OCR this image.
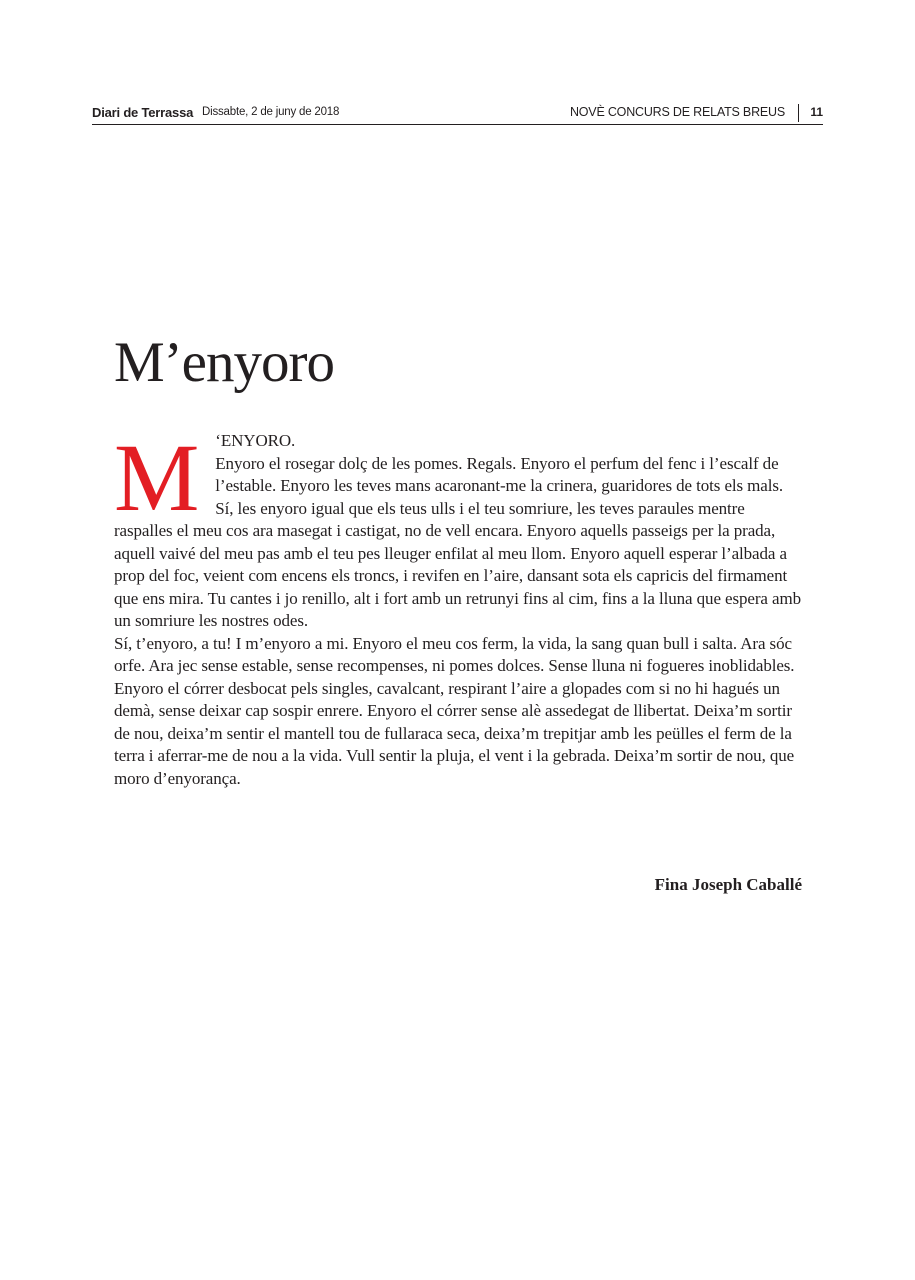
Diari de Terrassa Dissabte, 2 de juny de 2018	NOVÈ CONCURS DE RELATS BREUS 11
M’enyoro
M ‘ENYORO.

Enyoro el rosegar dolç de les pomes. Regals. Enyoro el perfum del fenc i l’escalf de l’estable. Enyoro les teves mans acaronant-me la crinera, guaridores de tots els mals. Sí, les enyoro igual que els teus ulls i el teu somriure, les teves paraules mentre raspalles el meu cos ara masegat i castigat, no de vell encara. Enyoro aquells passeigs per la prada, aquell vaivé del meu pas amb el teu pes lleuger enfilat al meu llom. Enyoro aquell esperar l’albada a prop del foc, veient com encens els troncs, i revifen en l’aire, dansant sota els capricis del firmament que ens mira. Tu cantes i jo renillo, alt i fort amb un retrunyi fins al cim, fins a la lluna que espera amb un somriure les nostres odes.

Sí, t’enyoro, a tu! I m’enyoro a mi. Enyoro el meu cos ferm, la vida, la sang quan bull i salta. Ara sóc orfe. Ara jec sense estable, sense recompenses, ni pomes dolces. Sense lluna ni fogueres inoblidables. Enyoro el córrer desbocat pels singles, cavalcant, respirant l’aire a glopades com si no hi hagués un demà, sense deixar cap sospir enrere. Enyoro el córrer sense alè assedegat de llibertat. Deixa’m sortir de nou, deixa’m sentir el mantell tou de fullaraca seca, deixa’m trepitjar amb les peülles el ferm de la terra i aferrar-me de nou a la vida. Vull sentir la pluja, el vent i la gebrada. Deixa’m sortir de nou, que moro d’enyorança.

Fina Joseph Caballé
